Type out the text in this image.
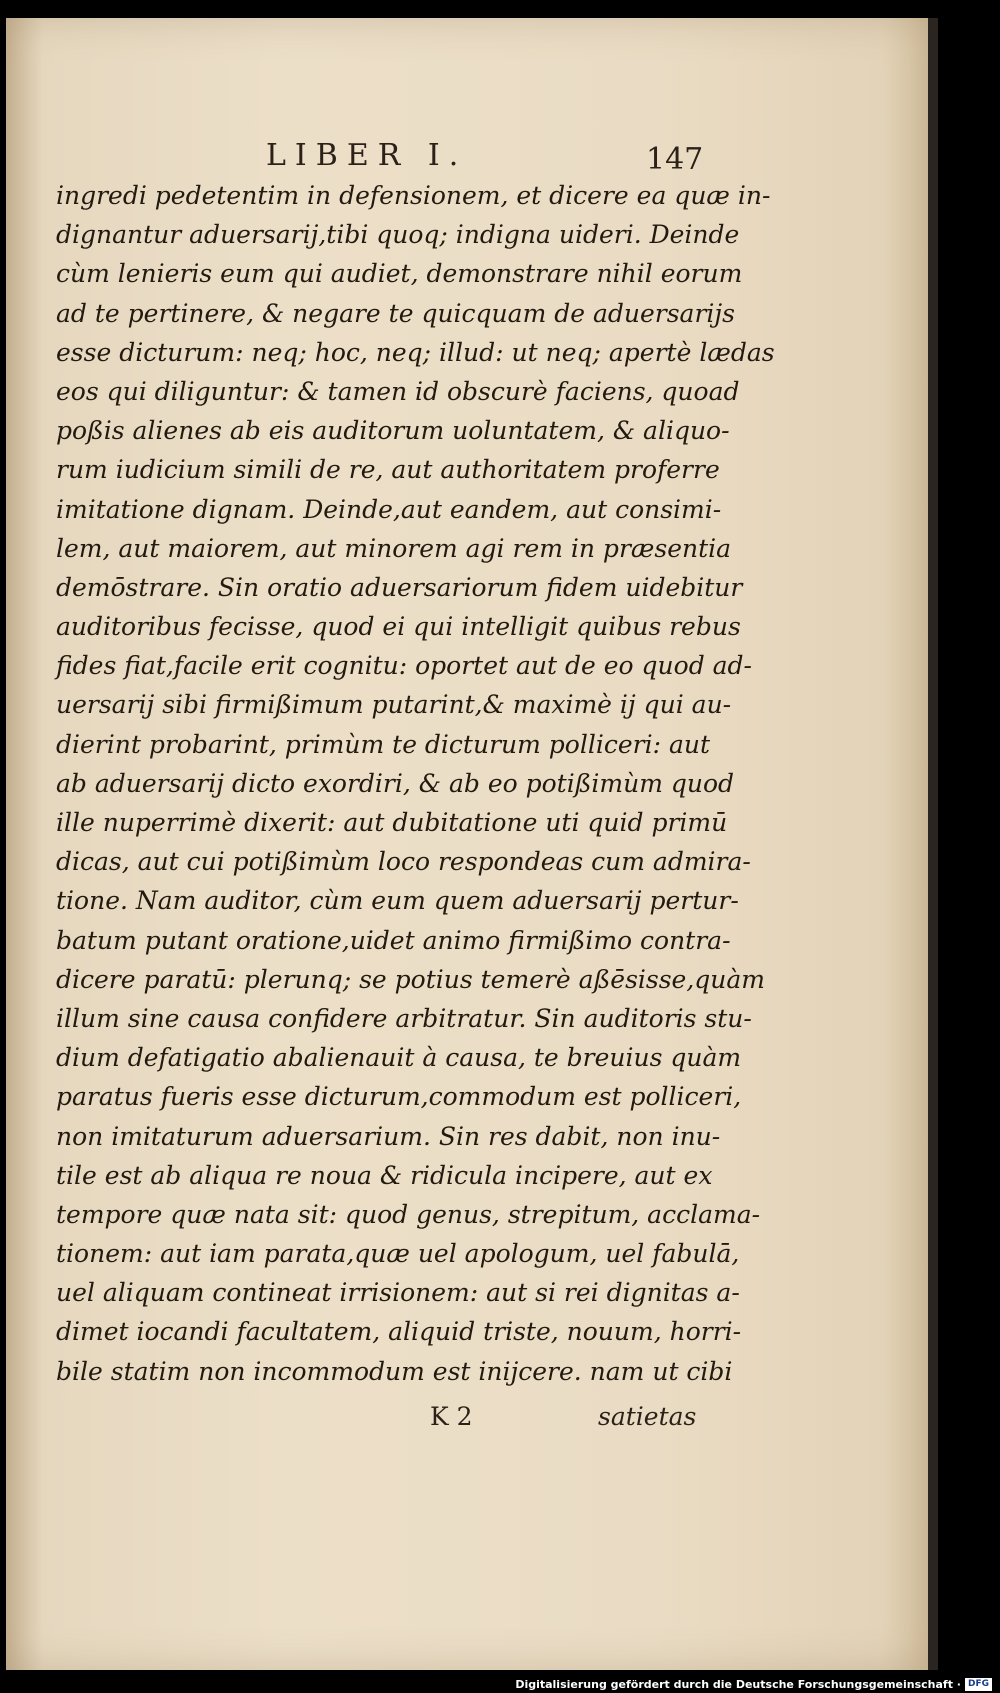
LIBER I.	147
ingredi pedetentim in defensionem, et dicere ea quæ in-
dignantur aduersarij,tibi quoq; indigna uideri. Deinde
cùm lenieris eum qui audiet, demonstrare nihil eorum
ad te pertinere, & negare te quicquam de aduersarijs
esse dicturum: neq; hoc, neq; illud: ut neq; apertè lædas
eos qui diliguntur: & tamen id obscurè faciens, quoad
poßis alienes ab eis auditorum uoluntatem, & aliquo-
rum iudicium simili de re, aut authoritatem proferre
imitatione dignam. Deinde,aut eandem, aut consimi-
lem, aut maiorem, aut minorem agi rem in præsentia
demōstrare. Sin oratio aduersariorum fidem uidebitur
auditoribus fecisse, quod ei qui intelligit quibus rebus
fides fiat,facile erit cognitu: oportet aut de eo quod ad-
uersarij sibi firmißimum putarint,& maximè ij qui au-
dierint probarint, primùm te dicturum polliceri: aut
ab aduersarij dicto exordiri, & ab eo potißimùm quod
ille nuperrimè dixerit: aut dubitatione uti quid primū
dicas, aut cui potißimùm loco respondeas cum admira-
tione. Nam auditor, cùm eum quem aduersarij pertur-
batum putant oratione,uidet animo firmißimo contra-
dicere paratū: plerunq; se potius temerè aßēsisse,quàm
illum sine causa confidere arbitratur. Sin auditoris stu-
dium defatigatio abalienauit à causa, te breuius quàm
paratus fueris esse dicturum,commodum est polliceri,
non imitaturum aduersarium. Sin res dabit, non inu-
tile est ab aliqua re noua & ridicula incipere, aut ex
tempore quæ nata sit: quod genus, strepitum, acclama-
tionem: aut iam parata,quæ uel apologum, uel fabulā,
uel aliquam contineat irrisionem: aut si rei dignitas a-
dimet iocandi facultatem, aliquid triste, nouum, horri-
bile statim non incommodum est inijcere. nam ut cibi
K 2	satietas
Digitalisierung gefördert durch die Deutsche Forschungsgemeinschaft · DFG
